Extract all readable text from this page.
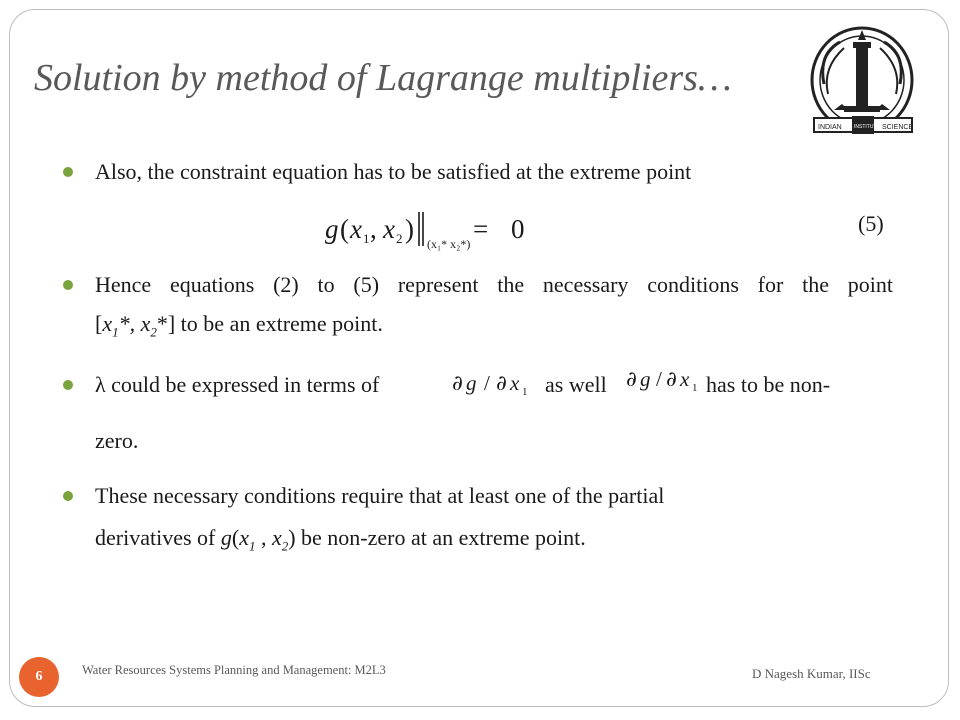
Solution by method of Lagrange multipliers…
INDIAN INSTITUTE SCIENCE
Also, the constraint equation has to be satisfied at the extreme point
g ( x 1 , x 2 ) (x₁* x₂*) = 0	(5)
Hence equations (2) to (5) represent the necessary conditions for the point
[$x_1*$, $x_2*$] to be an extreme point.
λ could be expressed in terms of	as well	has to be non-
zero.
∂ g / ∂ x 1
∂ g / ∂ x 1
These necessary conditions require that at least one of the partial
derivatives of $g(x_1$ , $x_2$) be non-zero at an extreme point.
6	Water Resources Systems Planning and Management: M2L3	D Nagesh Kumar, IISc
